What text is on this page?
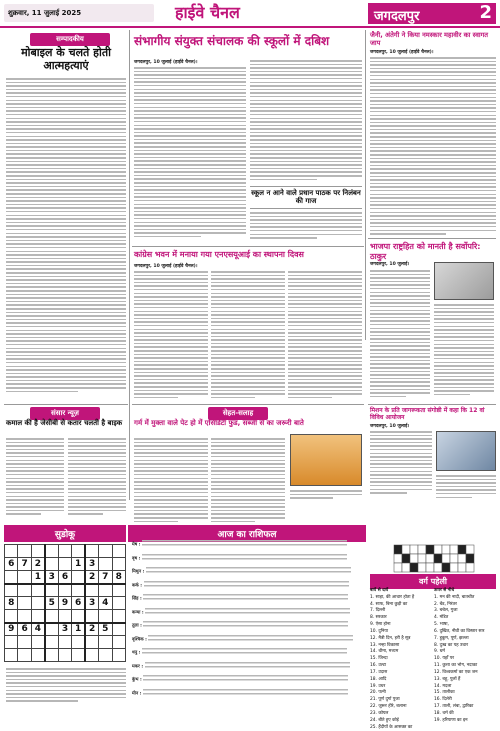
शुक्रवार, 11 जुलाई 2025	हाईवे चैनल	जगदलपुर	2
सम्पादकीय
मोबाइल के चलते होती आत्महत्याएं
संभागीय संयुक्त संचालक की स्कूलों में दबिश
जगदलपुर, 10 जुलाई (हाईवे चैनल)।
स्कूल न आने वाले प्रधान पाठक पर निलंबन की गाज
जैनी, अंतेगी ने किया नमस्कार महावीर का स्वागत जाप
जगदलपुर, 10 जुलाई (हाईवे चैनल)।
कांग्रेस भवन में मनाया गया एनएसयूआई का स्थापना दिवस
जगदलपुर, 10 जुलाई (हाईवे चैनल)।
भाजपा राष्ट्रहित को मानती है सर्वोपरि: ठाकुर
जगदलपुर, 10 जुलाई।
संसार न्यूज़
कमाल की है जेसीबी से कतार चलती है बाइक
सेहत-सलाह
गर्म में मुक्ता वाले पेट हो में एसिडिटी फुड, सब्जी से का जरूरी बाते
मिशन के प्रति जागरूकता संगोष्ठी में कहा कि 12 वां विविध आयोजन
जगदलपुर, 10 जुलाई।
सुडोकू

6	7	2			1	3		
		1	3	6		2	7	8

8			5	9	6	3	4	

9	6	4		3	1	2	5	

आज का राशिफल
मेष :
वृष :
मिथुन :
कर्क :
सिंह :
कन्या :
तुला :
वृश्चिक :
धनु :
मकर :
कुंभ :
मीन :
वर्ग पहेली
बायें से दायें
1. साहा, की आधार होता है
4. साफ, बिना कुड़ी का
7. दिल्ली
8. सरकार
9. ऐसा होना
10. दुनिया
12. मैत्री दिन, हरी है सूत्र
13. नन्हा विकासा
14. धीमा, मध्यम
15. जिन्दा
16. उल्टा
17. उदास
18. आदि
19. उधर
20. पत्नी
21. पूर्ण दुर्गा पुजा
22. जुरूर हीरे, बलाना
23. कोयल
24. बीते हुए कोई
25. हैंदीयों के आसक्त का
ऊपर से नीचे
1. मन की नादी, बातचीत
2. बेंड, निरंतर
3. बचेल, गुजा
4. मंडित
5. भाषा,
6. दुखित, नीवी का विस्तार सार
7. हुकुम, पूर्ण, झल्ला
8. दुःख का यह उधार
9. धर्म
10. यहाँ पर
11. कुत्ता का भोग, नदाका
12. विश्वकर्मा का एक जन
13. बहू, पुलों हैं
14. मदला
15. तालीका
16. दिलेरी
17. ताली, लंबा, द्वारिका
18. धर्म की
19. हरियाणा का इन
